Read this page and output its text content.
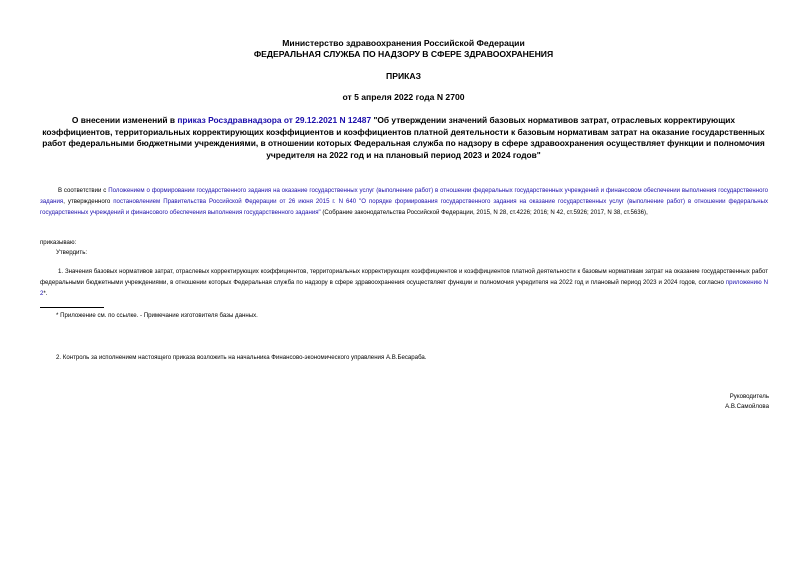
Министерство здравоохранения Российской Федерации
ФЕДЕРАЛЬНАЯ СЛУЖБА ПО НАДЗОРУ В СФЕРЕ ЗДРАВООХРАНЕНИЯ
ПРИКАЗ
от 5 апреля 2022 года N 2700
О внесении изменений в приказ Росздравнадзора от 29.12.2021 N 12487 "Об утверждении значений базовых нормативов затрат, отраслевых корректирующих коэффициентов, территориальных корректирующих коэффициентов и коэффициентов платной деятельности к базовым нормативам затрат на оказание государственных работ федеральными бюджетными учреждениями, в отношении которых Федеральная служба по надзору в сфере здравоохранения осуществляет функции и полномочия учредителя на 2022 год и на плановый период 2023 и 2024 годов"
В соответствии с Положением о формировании государственного задания на оказание государственных услуг (выполнение работ) в отношении федеральных государственных учреждений и финансовом обеспечении выполнения государственного задания, утвержденного постановлением Правительства Российской Федерации от 26 июня 2015 г. N 640 "О порядке формирования государственного задания на оказание государственных услуг (выполнение работ) в отношении федеральных государственных учреждений и финансового обеспечения выполнения государственного задания" (Собрание законодательства Российской Федерации, 2015, N 28, ст.4226; 2016; N 42, ст.5926; 2017, N 38, ст.5636),
приказываю:
Утвердить:
1. Значения базовых нормативов затрат, отраслевых корректирующих коэффициентов, территориальных корректирующих коэффициентов и коэффициентов платной деятельности к базовым нормативам затрат на оказание государственных работ федеральными бюджетными учреждениями, в отношении которых Федеральная служба по надзору в сфере здравоохранения осуществляет функции и полномочия учредителя на 2022 год и плановый период 2023 и 2024 годов, согласно приложению N 2*.
* Приложение см. по ссылке. - Примечание изготовителя базы данных.
2. Контроль за исполнением настоящего приказа возложить на начальника Финансово-экономического управления А.В.Бесараба.
Руководитель
А.В.Самойлова
